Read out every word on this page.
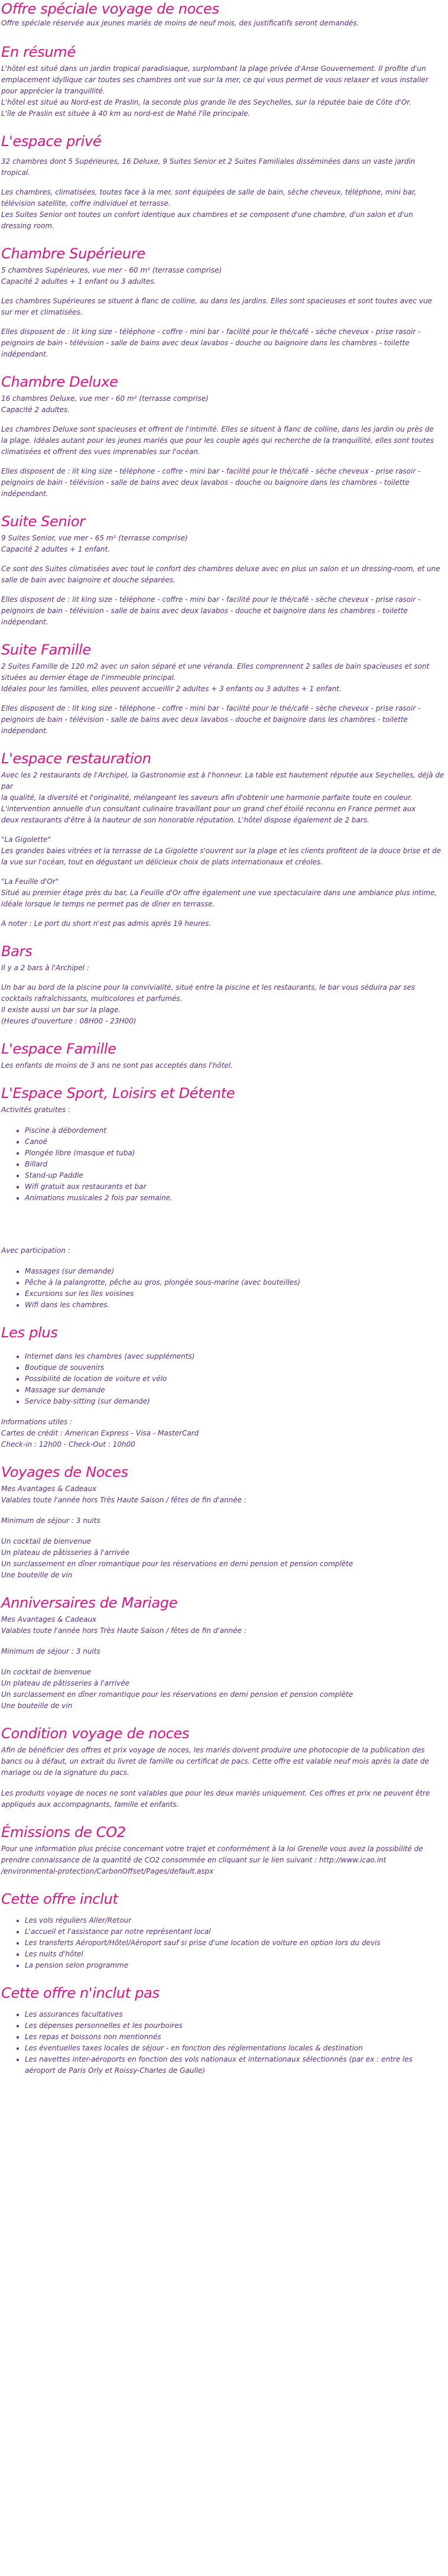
Offre spéciale voyage de noces

Offre spéciale réservée aux jeunes mariés de moins de neuf mois, des justificatifs seront demandés.

En résumé

L'hôtel est situé dans un jardin tropical paradisiaque, surplombant la plage privée d'Anse Gouvernement. Il profite d'un
emplacement idyllique car toutes ses chambres ont vue sur la mer, ce qui vous permet de vous relaxer et vous installer
pour apprécier la tranquillité.
L'hôtel est situé au Nord-est de Praslin, la seconde plus grande île des Seychelles, sur la réputée baie de Côte d'Or.
L'île de Praslin est située à 40 km au nord-est de Mahé l'île principale.

L'espace privé

32 chambres dont 5 Supérieures, 16 Deluxe, 9 Suites Senior et 2 Suites Familiales disséminées dans un vaste jardin
tropical.

Les chambres, climatisées, toutes face à la mer, sont équipées de salle de bain, sèche cheveux, téléphone, mini bar,
télévision satellite, coffre individuel et terrasse.
Les Suites Senior ont toutes un confort identique aux chambres et se composent d'une chambre, d'un salon et d'un
dressing room.

Chambre Supérieure

5 chambres Supérieures, vue mer - 60 m² (terrasse comprise)
Capacité 2 adultes + 1 enfant ou 3 adultes.

Les chambres Supérieures se situent à flanc de colline, au dans les jardins. Elles sont spacieuses et sont toutes avec vue
sur mer et climatisées.

Elles disposent de : lit king size - téléphone - coffre - mini bar - facilité pour le thé/café - sèche cheveux - prise rasoir -
peignoirs de bain - télévision - salle de bains avec deux lavabos - douche ou baignoire dans les chambres - toilette
indépendant.

Chambre Deluxe

16 chambres Deluxe, vue mer - 60 m² (terrasse comprise)
Capacité 2 adultes.

Les chambres Deluxe sont spacieuses et offrent de l'intimité. Elles se situent à flanc de colline, dans les jardin ou près de
la plage. Idéales autant pour les jeunes mariés que pour les couple agés qui recherche de la tranquillité, elles sont toutes
climatisées et offrent des vues imprenables sur l'océan.

Elles disposent de : lit king size - téléphone - coffre - mini bar - facilité pour le thé/café - sèche cheveux - prise rasoir -
peignoirs de bain - télévision - salle de bains avec deux lavabos - douche ou baignoire dans les chambres - toilette
indépendant.

Suite Senior

9 Suites Senior, vue mer - 65 m² (terrasse comprise)
Capacité 2 adultes + 1 enfant.

Ce sont des Suites climatisées avec tout le confort des chambres deluxe avec en plus un salon et un dressing-room, et une
salle de bain avec baignoire et douche séparées.

Elles disposent de : lit king size - téléphone - coffre - mini bar - facilité pour le thé/café - sèche cheveux - prise rasoir -
peignoirs de bain - télévision - salle de bains avec deux lavabos - douche et baignoire dans les chambres - toilette
indépendant.

Suite Famille

2 Suites Famille de 120 m2 avec un salon séparé et une véranda. Elles comprennent 2 salles de bain spacieuses et sont
situées au dernier étage de l'immeuble principal.
Idéales pour les familles, elles peuvent accueillir 2 adultes + 3 enfants ou 3 adultes + 1 enfant.

Elles disposent de : lit king size - téléphone - coffre - mini bar - facilité pour le thé/café - sèche cheveux - prise rasoir -
peignoirs de bain - télévision - salle de bains avec deux lavabos - douche et baignoire dans les chambres - toilette
indépendant.

L'espace restauration

Avec les 2 restaurants de l'Archipel, la Gastronomie est à l'honneur. La table est hautement réputée aux Seychelles, déjà de par
la qualité, la diversité et l'originalité, mélangeant les saveurs afin d'obtenir une harmonie parfaite toute en couleur.
L'intervention annuelle d'un consultant culinaire travaillant pour un grand chef étoilé reconnu en France permet aux
deux restaurants d'être à la hauteur de son honorable réputation. L'hôtel dispose également de 2 bars.

"La Gigolette"
Les grandes baies vitrées et la terrasse de La Gigolette s'ouvrent sur la plage et les clients profitent de la douce brise et de
la vue sur l'océan, tout en dégustant un délicieux choix de plats internationaux et créoles.

"La Feuille d'Or"
Situé au premier étage près du bar, La Feuille d'Or offre également une vue spectaculaire dans une ambiance plus intime,
idéale lorsque le temps ne permet pas de dîner en terrasse.

A noter : Le port du short n'est pas admis après 19 heures.

Bars

Il y a 2 bars à l'Archipel :

Un bar au bord de la piscine pour la convivialité, situé entre la piscine et les restaurants, le bar vous séduira par ses
cocktails rafraîchissants, multicolores et parfumés.
Il existe aussi un bar sur la plage.
(Heures d'ouverture : 08H00 - 23H00)

L'espace Famille

Les enfants de moins de 3 ans ne sont pas acceptés dans l'hôtel.

L'Espace Sport, Loisirs et Détente

Activités gratuites :

• Piscine à débordement
• Canoë
• Plongée libre (masque et tuba)
• Billard
• Stand-up Paddle
• Wifi gratuit aux restaurants et bar
• Animations musicales 2 fois par semaine.

Avec participation :

• Massages (sur demande)
• Pêche à la palangrotte, pêche au gros, plongée sous-marine (avec bouteilles)
• Excursions sur les îles voisines
• Wifi dans les chambres.
Les plus
• Internet dans les chambres (avec suppléments)
• Boutique de souvenirs
• Possibilité de location de voiture et vélo
• Massage sur demande
• Service baby-sitting (sur demande)

Informations utiles :
Cartes de crédit : American Express - Visa - MasterCard
Check-in : 12h00 - Check-Out : 10h00

Voyages de Noces

Mes Avantages & Cadeaux
Valables toute l'année hors Très Haute Saison / fêtes de fin d'année :

Minimum de séjour : 3 nuits

Un cocktail de bienvenue
Un plateau de pâtisseries à l'arrivée
Un surclassement en dîner romantique pour les réservations en demi pension et pension complète
Une bouteille de vin

Anniversaires de Mariage

Mes Avantages & Cadeaux
Valables toute l'année hors Très Haute Saison / fêtes de fin d'année :

Minimum de séjour : 3 nuits

Un cocktail de bienvenue
Un plateau de pâtisseries à l'arrivée
Un surclassement en dîner romantique pour les réservations en demi pension et pension complète
Une bouteille de vin

Condition voyage de noces

Afin de bénéficier des offres et prix voyage de noces, les mariés doivent produire une photocopie de la publication des
bancs ou à défaut, un extrait du livret de famille ou certificat de pacs. Cette offre est valable neuf mois après la date de
mariage ou de la signature du pacs.

Les produits voyage de noces ne sont valables que pour les deux mariés uniquement. Ces offres et prix ne peuvent être
appliqués aux accompagnants, famille et enfants.

Émissions de CO2

Pour une information plus précise concernant votre trajet et conformément à la loi Grenelle vous avez la possibilité de
prendre connaissance de la quantité de CO2 consommée en cliquant sur le lien suivant : http://www.icao.int
/environmental-protection/CarbonOffset/Pages/default.aspx

Cette offre inclut
• Les vols réguliers Aller/Retour
• L'accueil et l'assistance par notre représentant local
• Les transferts Aéroport/Hôtel/Aéroport sauf si prise d'une location de voiture en option lors du devis
• Les nuits d'hôtel
• La pension selon programme
Cette offre n'inclut pas
• Les assurances facultatives
• Les dépenses personnelles et les pourboires
• Les repas et boissons non mentionnés
• Les éventuelles taxes locales de séjour - en fonction des réglementations locales & destination
• Les navettes inter-aéroports en fonction des vols nationaux et internationaux sélectionnés (par ex : entre les
aéroport de Paris Orly et Roissy-Charles de Gaulle)
